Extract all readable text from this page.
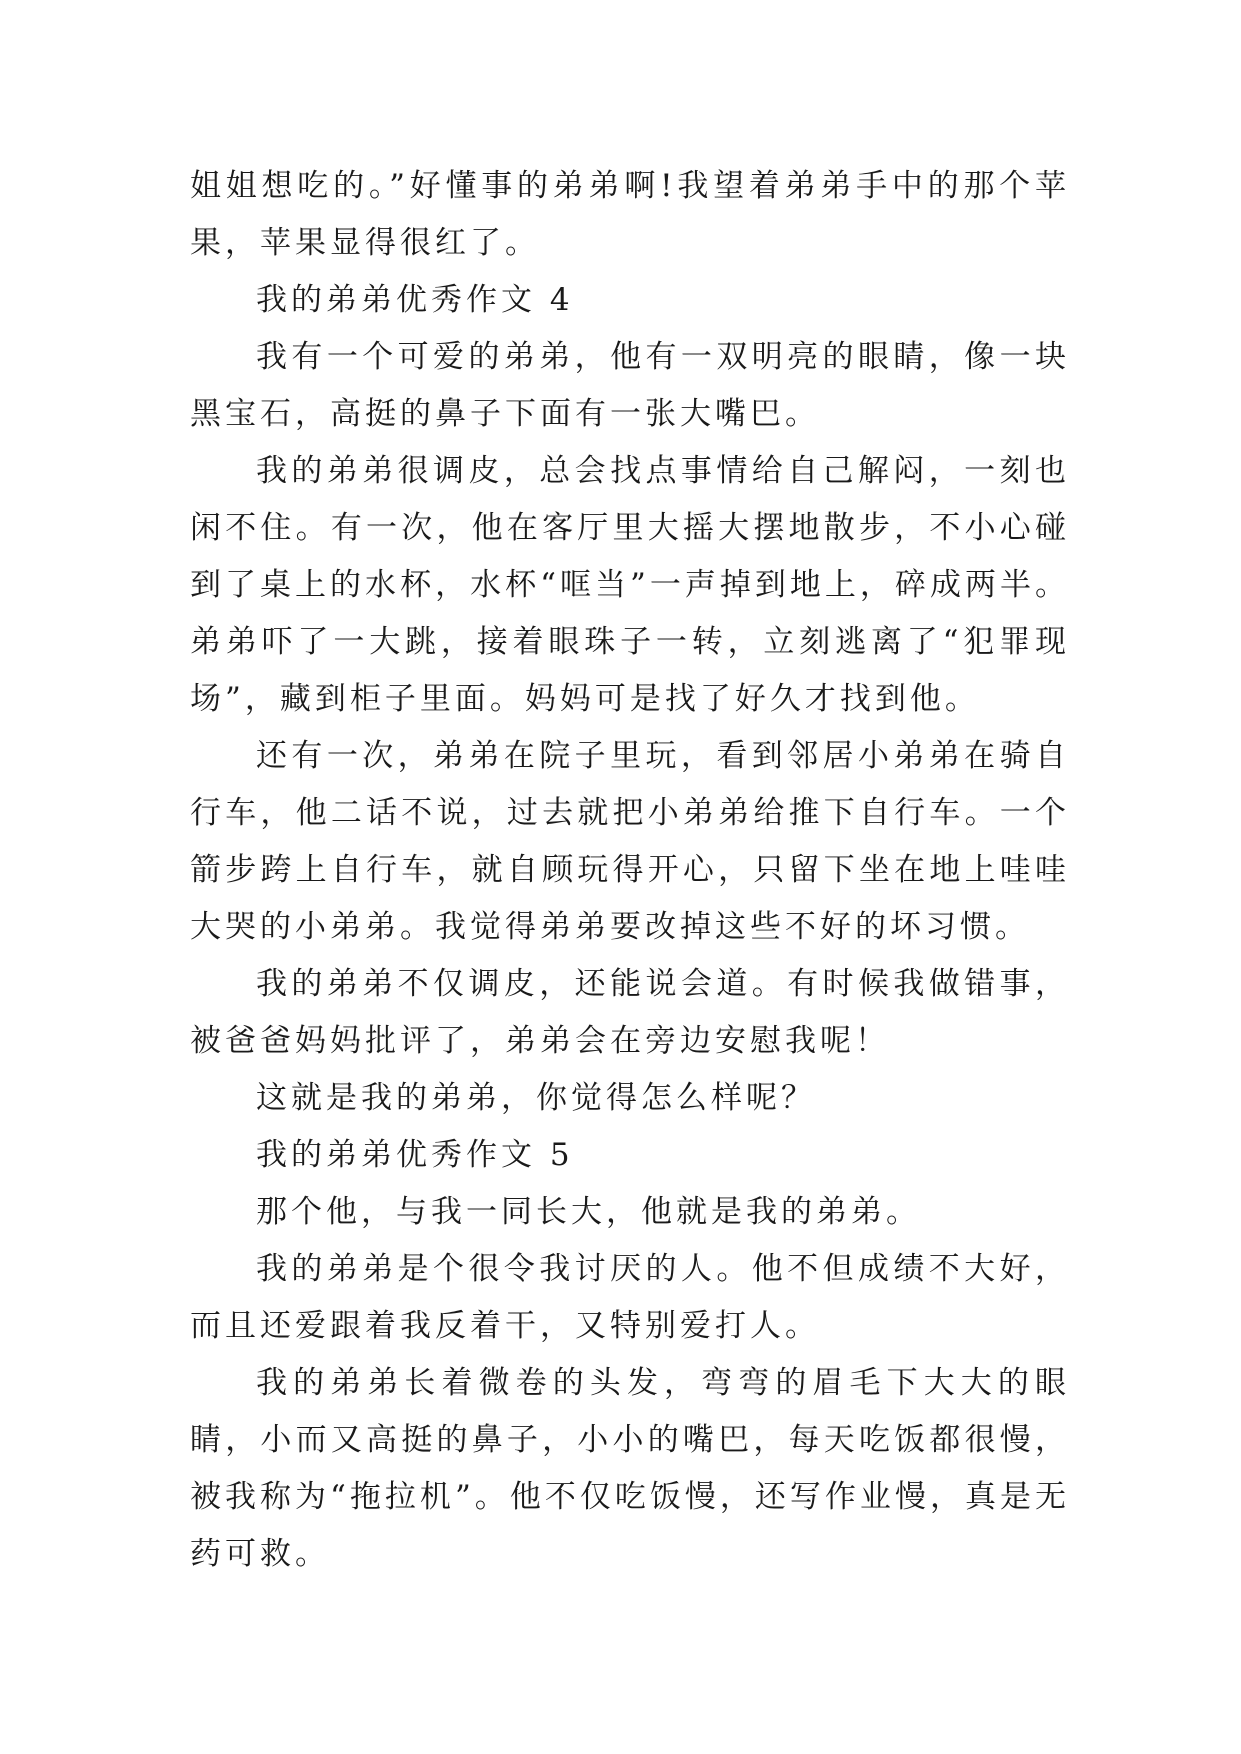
姐姐想吃的。”好懂事的弟弟啊!我望着弟弟手中的那个苹果，苹果显得很红了。

我的弟弟优秀作文 4

我有一个可爱的弟弟，他有一双明亮的眼睛，像一块黑宝石，高挺的鼻子下面有一张大嘴巴。

我的弟弟很调皮，总会找点事情给自己解闷，一刻也闲不住。有一次，他在客厅里大摇大摆地散步，不小心碰到了桌上的水杯，水杯“哐当”一声掉到地上，碎成两半。弟弟吓了一大跳，接着眼珠子一转，立刻逃离了“犯罪现场”，藏到柜子里面。妈妈可是找了好久才找到他。

还有一次，弟弟在院子里玩，看到邻居小弟弟在骑自行车，他二话不说，过去就把小弟弟给推下自行车。一个箭步跨上自行车，就自顾玩得开心，只留下坐在地上哇哇大哭的小弟弟。我觉得弟弟要改掉这些不好的坏习惯。

我的弟弟不仅调皮，还能说会道。有时候我做错事，被爸爸妈妈批评了，弟弟会在旁边安慰我呢！

这就是我的弟弟，你觉得怎么样呢？

我的弟弟优秀作文 5

那个他，与我一同长大，他就是我的弟弟。

我的弟弟是个很令我讨厌的人。他不但成绩不大好，而且还爱跟着我反着干，又特别爱打人。

我的弟弟长着微卷的头发，弯弯的眉毛下大大的眼睛，小而又高挺的鼻子，小小的嘴巴，每天吃饭都很慢，被我称为“拖拉机”。他不仅吃饭慢，还写作业慢，真是无药可救。
